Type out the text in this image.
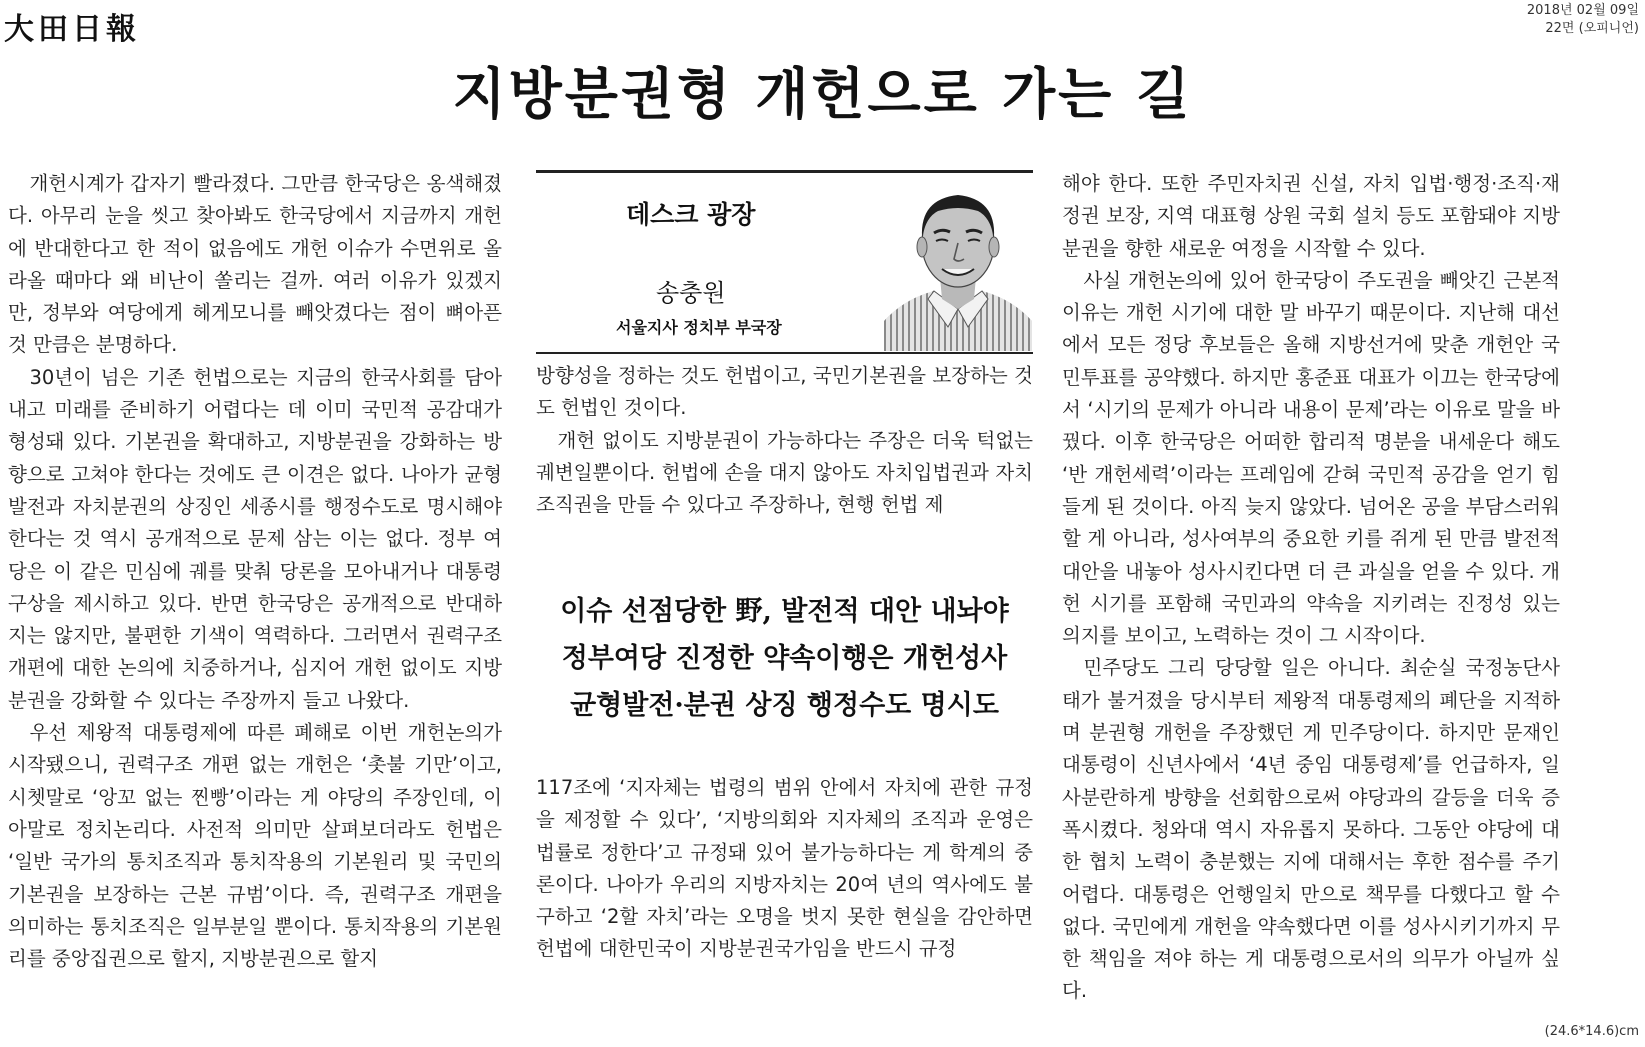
大田日報
2018년 02월 09일
22면 (오피니언)
지방분권형 개헌으로 가는 길

개헌시계가 갑자기 빨라졌다. 그만큼 한국당은 옹색해졌다. 아무리 눈을 씻고 찾아봐도 한국당에서 지금까지 개헌에 반대한다고 한 적이 없음에도 개헌 이슈가 수면위로 올라올 때마다 왜 비난이 쏠리는 걸까. 여러 이유가 있겠지만, 정부와 여당에게 헤게모니를 빼앗겼다는 점이 뼈아픈 것 만큼은 분명하다.

30년이 넘은 기존 헌법으로는 지금의 한국사회를 담아내고 미래를 준비하기 어렵다는 데 이미 국민적 공감대가 형성돼 있다. 기본권을 확대하고, 지방분권을 강화하는 방향으로 고쳐야 한다는 것에도 큰 이견은 없다. 나아가 균형발전과 자치분권의 상징인 세종시를 행정수도로 명시해야 한다는 것 역시 공개적으로 문제 삼는 이는 없다. 정부 여당은 이 같은 민심에 궤를 맞춰 당론을 모아내거나 대통령 구상을 제시하고 있다. 반면 한국당은 공개적으로 반대하지는 않지만, 불편한 기색이 역력하다. 그러면서 권력구조 개편에 대한 논의에 치중하거나, 심지어 개헌 없이도 지방분권을 강화할 수 있다는 주장까지 들고 나왔다.

우선 제왕적 대통령제에 따른 폐해로 이번 개헌논의가 시작됐으니, 권력구조 개편 없는 개헌은 ‘촛불 기만’이고, 시쳇말로 ‘앙꼬 없는 찐빵’이라는 게 야당의 주장인데, 이아말로 정치논리다. 사전적 의미만 살펴보더라도 헌법은 ‘일반 국가의 통치조직과 통치작용의 기본원리 및 국민의 기본권을 보장하는 근본 규범’이다. 즉, 권력구조 개편을 의미하는 통치조직은 일부분일 뿐이다. 통치작용의 기본원리를 중앙집권으로 할지, 지방분권으로 할지

데스크 광장
송충원
서울지사 정치부 부국장

방향성을 정하는 것도 헌법이고, 국민기본권을 보장하는 것도 헌법인 것이다.

개헌 없이도 지방분권이 가능하다는 주장은 더욱 턱없는 궤변일뿐이다. 헌법에 손을 대지 않아도 자치입법권과 자치조직권을 만들 수 있다고 주장하나, 현행 헌법 제

이슈 선점당한 野, 발전적 대안 내놔야
정부여당 진정한 약속이행은 개헌성사
균형발전·분권 상징 행정수도 명시도

117조에 ‘지자체는 법령의 범위 안에서 자치에 관한 규정을 제정할 수 있다’, ‘지방의회와 지자체의 조직과 운영은 법률로 정한다’고 규정돼 있어 불가능하다는 게 학계의 중론이다. 나아가 우리의 지방자치는 20여 년의 역사에도 불구하고 ‘2할 자치’라는 오명을 벗지 못한 현실을 감안하면 헌법에 대한민국이 지방분권국가임을 반드시 규정

해야 한다. 또한 주민자치권 신설, 자치 입법·행정·조직·재정권 보장, 지역 대표형 상원 국회 설치 등도 포함돼야 지방분권을 향한 새로운 여정을 시작할 수 있다.

사실 개헌논의에 있어 한국당이 주도권을 빼앗긴 근본적 이유는 개헌 시기에 대한 말 바꾸기 때문이다. 지난해 대선에서 모든 정당 후보들은 올해 지방선거에 맞춘 개헌안 국민투표를 공약했다. 하지만 홍준표 대표가 이끄는 한국당에서 ‘시기의 문제가 아니라 내용이 문제’라는 이유로 말을 바꿨다. 이후 한국당은 어떠한 합리적 명분을 내세운다 해도 ‘반 개헌세력’이라는 프레임에 갇혀 국민적 공감을 얻기 힘들게 된 것이다. 아직 늦지 않았다. 넘어온 공을 부담스러워할 게 아니라, 성사여부의 중요한 키를 쥐게 된 만큼 발전적 대안을 내놓아 성사시킨다면 더 큰 과실을 얻을 수 있다. 개헌 시기를 포함해 국민과의 약속을 지키려는 진정성 있는 의지를 보이고, 노력하는 것이 그 시작이다.

민주당도 그리 당당할 일은 아니다. 최순실 국정농단사태가 불거졌을 당시부터 제왕적 대통령제의 폐단을 지적하며 분권형 개헌을 주장했던 게 민주당이다. 하지만 문재인 대통령이 신년사에서 ‘4년 중임 대통령제’를 언급하자, 일사분란하게 방향을 선회함으로써 야당과의 갈등을 더욱 증폭시켰다. 청와대 역시 자유롭지 못하다. 그동안 야당에 대한 협치 노력이 충분했는 지에 대해서는 후한 점수를 주기 어렵다. 대통령은 언행일치 만으로 책무를 다했다고 할 수 없다. 국민에게 개헌을 약속했다면 이를 성사시키기까지 무한 책임을 져야 하는 게 대통령으로서의 의무가 아닐까 싶다.

(24.6*14.6)cm
